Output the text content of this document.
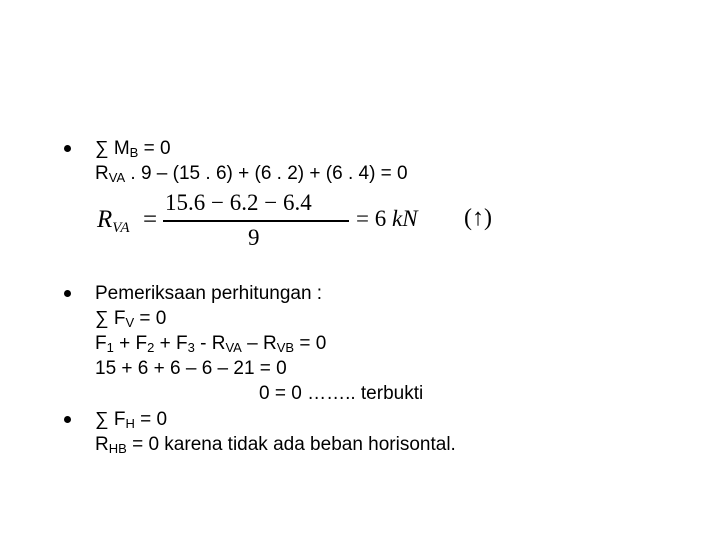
∑ $M_B = 0$
$R_{VA}$ . 9 – (15 . 6) + (6 . 2) + (6 . 4) = 0
$R_{VA}$ =
15.6 − 6.2 − 6.4
9
= 6 kN (↑)
Pemeriksaan perhitungan :
∑ $F_V = 0$
$F_1 + F_2 + F_3 - R_{VA} - R_{VB} = 0$
15 + 6 + 6 – 6 – 21 = 0
0 = 0 …….. terbukti
∑ $F_H = 0$
$R_{HB} = 0$ karena tidak ada beban horisontal.
